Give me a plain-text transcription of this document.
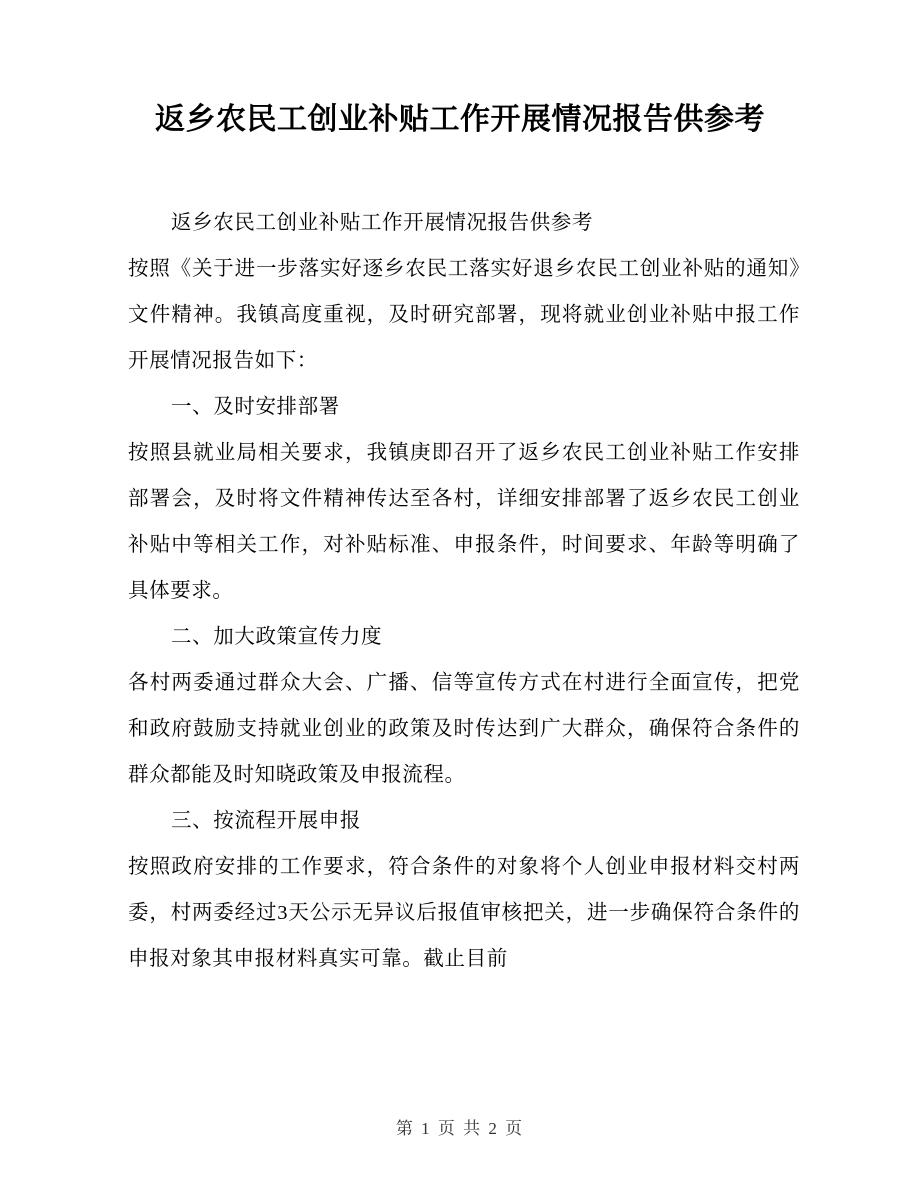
返乡农民工创业补贴工作开展情况报告供参考

返乡农民工创业补贴工作开展情况报告供参考

按照《关于进一步落实好逐乡农民工落实好退乡农民工创业补贴的通知》文件精神。我镇高度重视，及时研究部署，现将就业创业补贴中报工作开展情况报告如下：

一、及时安排部署

按照县就业局相关要求，我镇庚即召开了返乡农民工创业补贴工作安排部署会，及时将文件精神传达至各村，详细安排部署了返乡农民工创业补贴中等相关工作，对补贴标准、申报条件，时间要求、年龄等明确了具体要求。

二、加大政策宣传力度

各村两委通过群众大会、广播、信等宣传方式在村进行全面宣传，把党和政府鼓励支持就业创业的政策及时传达到广大群众，确保符合条件的群众都能及时知晓政策及申报流程。

三、按流程开展申报

按照政府安排的工作要求，符合条件的对象将个人创业申报材料交村两委，村两委经过3天公示无异议后报值审核把关，进一步确保符合条件的申报对象其申报材料真实可靠。截止目前

第 1 页 共 2 页
